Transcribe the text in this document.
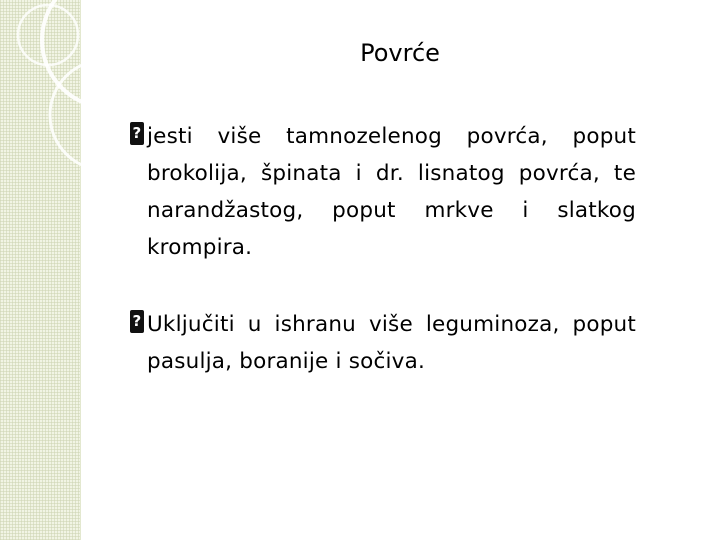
Povrće
? jesti više tamnozelenog povrća, poput brokolija, špinata i dr. lisnatog povrća, te narandžastog, poput mrkve i slatkog krompira.
? Uključiti u ishranu više leguminoza, poput pasulja, boranije i sočiva.
